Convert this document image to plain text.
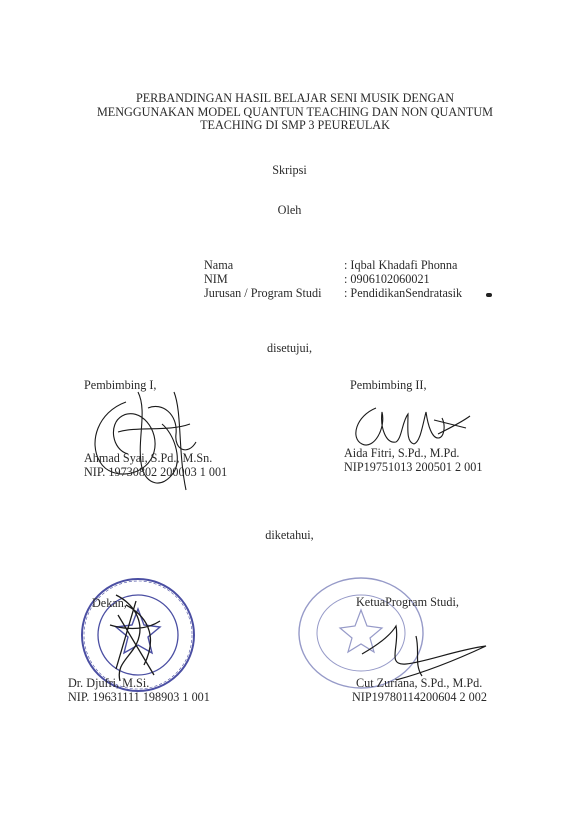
PERBANDINGAN HASIL BELAJAR SENI MUSIK DENGAN
MENGGUNAKAN MODEL QUANTUN TEACHING DAN NON QUANTUM
TEACHING DI SMP 3 PEUREULAK
Skripsi
Oleh
Nama	: Iqbal Khadafi Phonna
NIM	: 0906102060021
Jurusan / Program Studi : PendidikanSendratasik
disetujui,
Pembimbing I,
Ahmad Syai, S.Pd., M.Sn.
NIP. 19730802 200003 1 001
Pembimbing II,
Aida Fitri, S.Pd., M.Pd.
NIP19751013 200501 2 001
diketahui,
Dekan,
Dr. Djufri, M.Si.
NIP. 19631111 198903 1 001
KetuaProgram Studi,
Cut Zuriana, S.Pd., M.Pd.
NIP19780114200604 2 002
